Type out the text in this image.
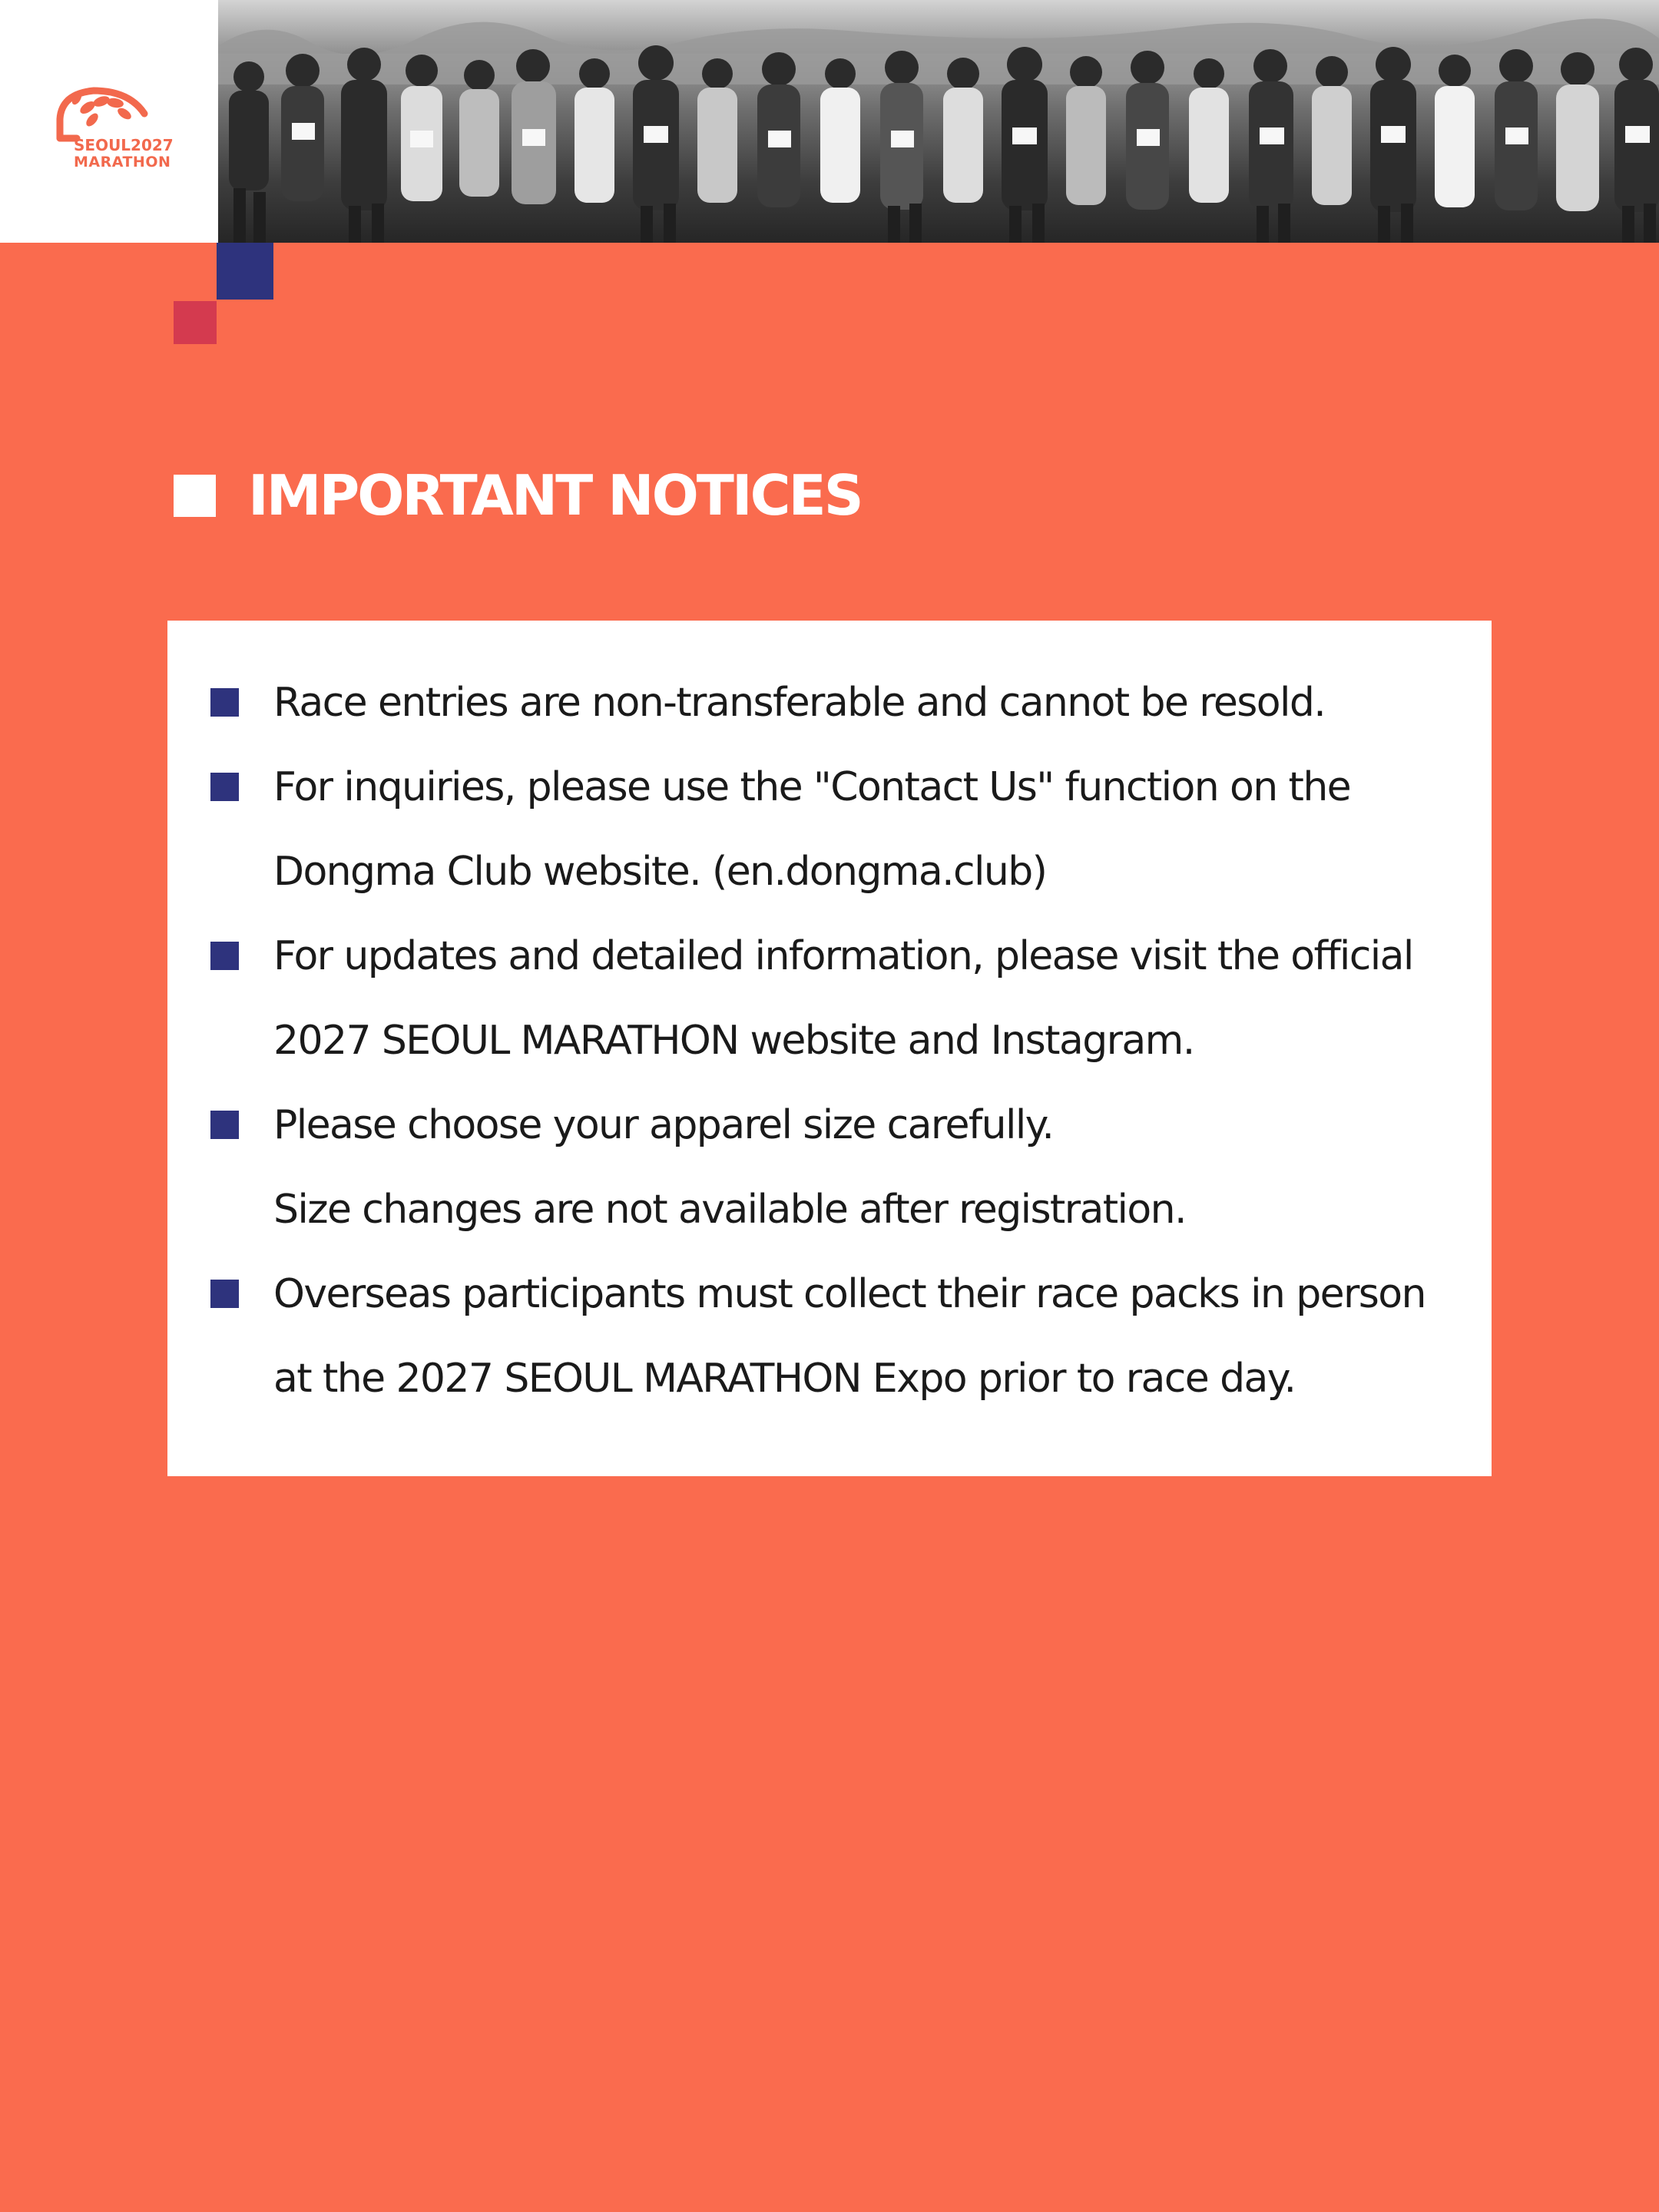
SEOUL2027
MARATHON
IMPORTANT NOTICES
Race entries are non-transferable and cannot be resold.
For inquiries, please use the "Contact Us" function on the
Dongma Club website. (en.dongma.club)
For updates and detailed information, please visit the official
2027 SEOUL MARATHON website and Instagram.
Please choose your apparel size carefully.
Size changes are not available after registration.
Overseas participants must collect their race packs in person
at the 2027 SEOUL MARATHON Expo prior to race day.
